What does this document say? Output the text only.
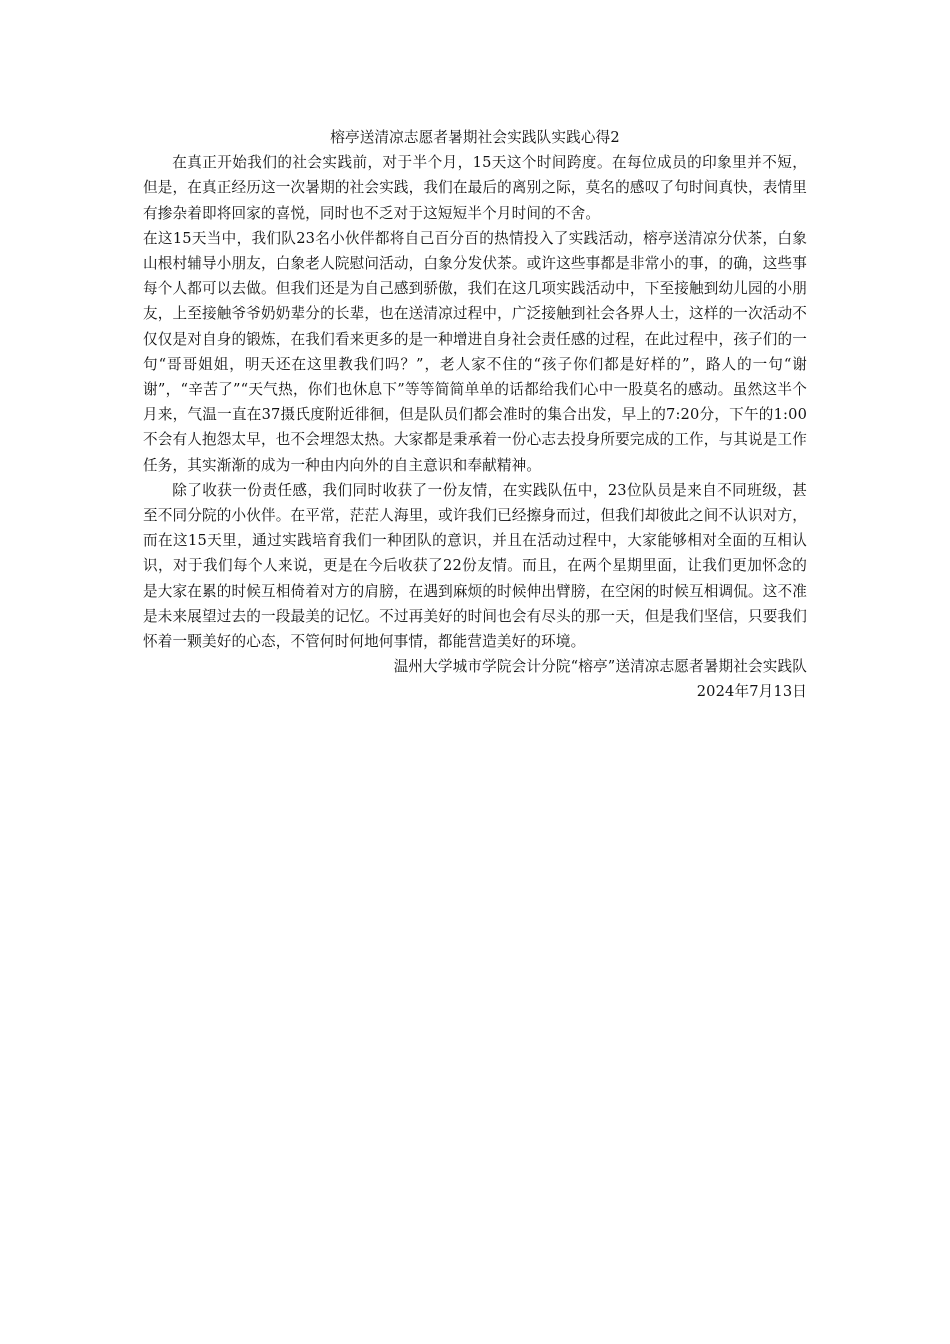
榕亭送清凉志愿者暑期社会实践队实践心得2

在真正开始我们的社会实践前，对于半个月，15天这个时间跨度。在每位成员的印象里并不短，但是，在真正经历这一次暑期的社会实践，我们在最后的离别之际，莫名的感叹了句时间真快，表情里有掺杂着即将回家的喜悦，同时也不乏对于这短短半个月时间的不舍。

在这15天当中，我们队23名小伙伴都将自己百分百的热情投入了实践活动，榕亭送清凉分伏茶，白象山根村辅导小朋友，白象老人院慰问活动，白象分发伏茶。或许这些事都是非常小的事，的确，这些事每个人都可以去做。但我们还是为自己感到骄傲，我们在这几项实践活动中，下至接触到幼儿园的小朋友，上至接触爷爷奶奶辈分的长辈，也在送清凉过程中，广泛接触到社会各界人士，这样的一次活动不仅仅是对自身的锻炼，在我们看来更多的是一种增进自身社会责任感的过程，在此过程中，孩子们的一句“哥哥姐姐，明天还在这里教我们吗？”，老人家不住的“孩子你们都是好样的”，路人的一句“谢谢”，“辛苦了”“天气热，你们也休息下”等等简简单单的话都给我们心中一股莫名的感动。虽然这半个月来，气温一直在37摄氏度附近徘徊，但是队员们都会准时的集合出发，早上的7:20分，下午的1:00不会有人抱怨太早，也不会埋怨太热。大家都是秉承着一份心志去投身所要完成的工作，与其说是工作任务，其实渐渐的成为一种由内向外的自主意识和奉献精神。

除了收获一份责任感，我们同时收获了一份友情，在实践队伍中，23位队员是来自不同班级，甚至不同分院的小伙伴。在平常，茫茫人海里，或许我们已经擦身而过，但我们却彼此之间不认识对方，而在这15天里，通过实践培育我们一种团队的意识，并且在活动过程中，大家能够相对全面的互相认识，对于我们每个人来说，更是在今后收获了22份友情。而且，在两个星期里面，让我们更加怀念的是大家在累的时候互相倚着对方的肩膀，在遇到麻烦的时候伸出臂膀，在空闲的时候互相调侃。这不准是未来展望过去的一段最美的记忆。不过再美好的时间也会有尽头的那一天，但是我们坚信，只要我们怀着一颗美好的心态，不管何时何地何事情，都能营造美好的环境。

温州大学城市学院会计分院“榕亭”送清凉志愿者暑期社会实践队

2024年7月13日
